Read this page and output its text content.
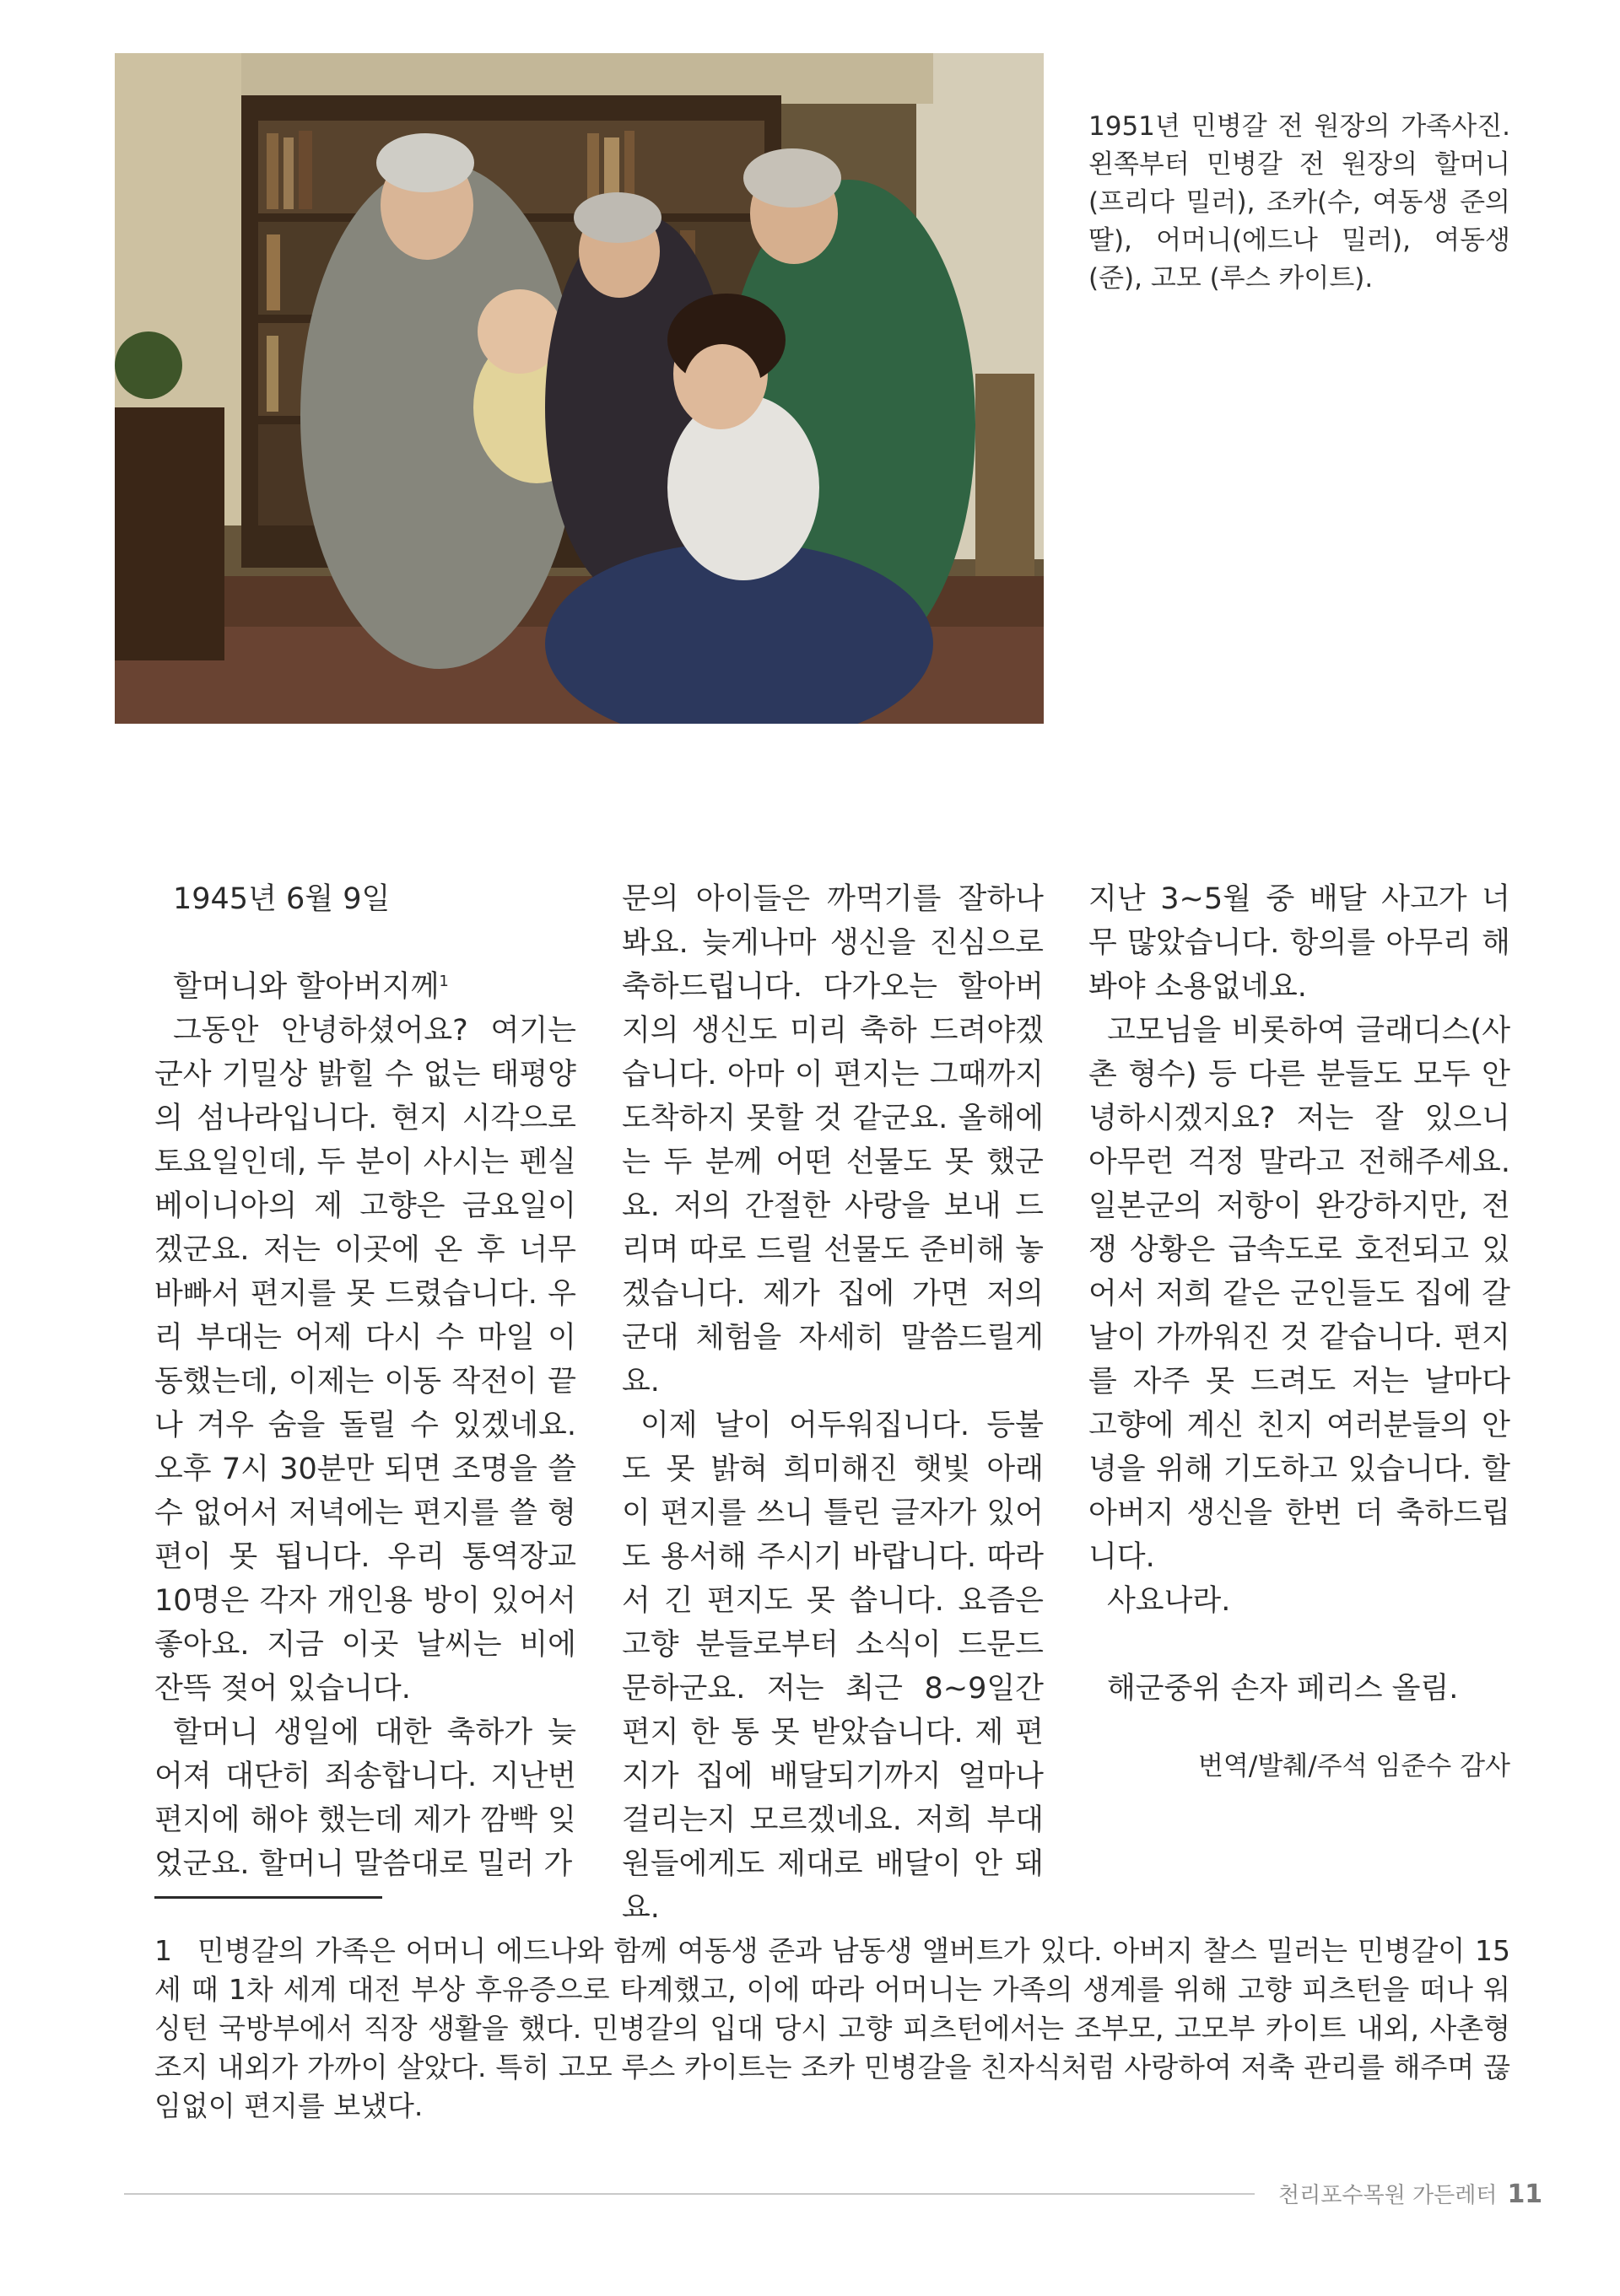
1951년 민병갈 전 원장의 가족사진. 왼쪽부터 민병갈 전 원장의 할머니(프리다 밀러), 조카(수, 여동생 준의 딸), 어머니(에드나 밀러), 여동생(준), 고모 (루스 카이트).

1945년 6월 9일

할머니와 할아버지께$^1$

그동안 안녕하셨어요? 여기는 군사 기밀상 밝힐 수 없는 태평양의 섬나라입니다. 현지 시각으로 토요일인데, 두 분이 사시는 펜실베이니아의 제 고향은 금요일이겠군요. 저는 이곳에 온 후 너무 바빠서 편지를 못 드렸습니다. 우리 부대는 어제 다시 수 마일 이동했는데, 이제는 이동 작전이 끝나 겨우 숨을 돌릴 수 있겠네요. 오후 7시 30분만 되면 조명을 쓸 수 없어서 저녁에는 편지를 쓸 형편이 못 됩니다. 우리 통역장교 10명은 각자 개인용 방이 있어서 좋아요. 지금 이곳 날씨는 비에 잔뜩 젖어 있습니다.

할머니 생일에 대한 축하가 늦어져 대단히 죄송합니다. 지난번 편지에 해야 했는데 제가 깜빡 잊었군요. 할머니 말씀대로 밀러 가

문의 아이들은 까먹기를 잘하나 봐요. 늦게나마 생신을 진심으로 축하드립니다. 다가오는 할아버지의 생신도 미리 축하 드려야겠습니다. 아마 이 편지는 그때까지 도착하지 못할 것 같군요. 올해에는 두 분께 어떤 선물도 못 했군요. 저의 간절한 사랑을 보내 드리며 따로 드릴 선물도 준비해 놓겠습니다. 제가 집에 가면 저의 군대 체험을 자세히 말씀드릴게요.

이제 날이 어두워집니다. 등불도 못 밝혀 희미해진 햇빛 아래 이 편지를 쓰니 틀린 글자가 있어도 용서해 주시기 바랍니다. 따라서 긴 편지도 못 씁니다. 요즘은 고향 분들로부터 소식이 드문드문하군요. 저는 최근 8~9일간 편지 한 통 못 받았습니다. 제 편지가 집에 배달되기까지 얼마나 걸리는지 모르겠네요. 저희 부대원들에게도 제대로 배달이 안 돼요.

지난 3~5월 중 배달 사고가 너무 많았습니다. 항의를 아무리 해 봐야 소용없네요.

고모님을 비롯하여 글래디스(사촌 형수) 등 다른 분들도 모두 안녕하시겠지요? 저는 잘 있으니 아무런 걱정 말라고 전해주세요. 일본군의 저항이 완강하지만, 전쟁 상황은 급속도로 호전되고 있어서 저희 같은 군인들도 집에 갈 날이 가까워진 것 같습니다. 편지를 자주 못 드려도 저는 날마다 고향에 계신 친지 여러분들의 안녕을 위해 기도하고 있습니다. 할아버지 생신을 한번 더 축하드립니다.

사요나라.

해군중위 손자 페리스 올림.

번역/발췌/주석 임준수 감사

1 민병갈의 가족은 어머니 에드나와 함께 여동생 준과 남동생 앨버트가 있다. 아버지 찰스 밀러는 민병갈이 15세 때 1차 세계 대전 부상 후유증으로 타계했고, 이에 따라 어머니는 가족의 생계를 위해 고향 피츠턴을 떠나 워싱턴 국방부에서 직장 생활을 했다. 민병갈의 입대 당시 고향 피츠턴에서는 조부모, 고모부 카이트 내외, 사촌형 조지 내외가 가까이 살았다. 특히 고모 루스 카이트는 조카 민병갈을 친자식처럼 사랑하여 저축 관리를 해주며 끊임없이 편지를 보냈다.

천리포수목원 가든레터 11
